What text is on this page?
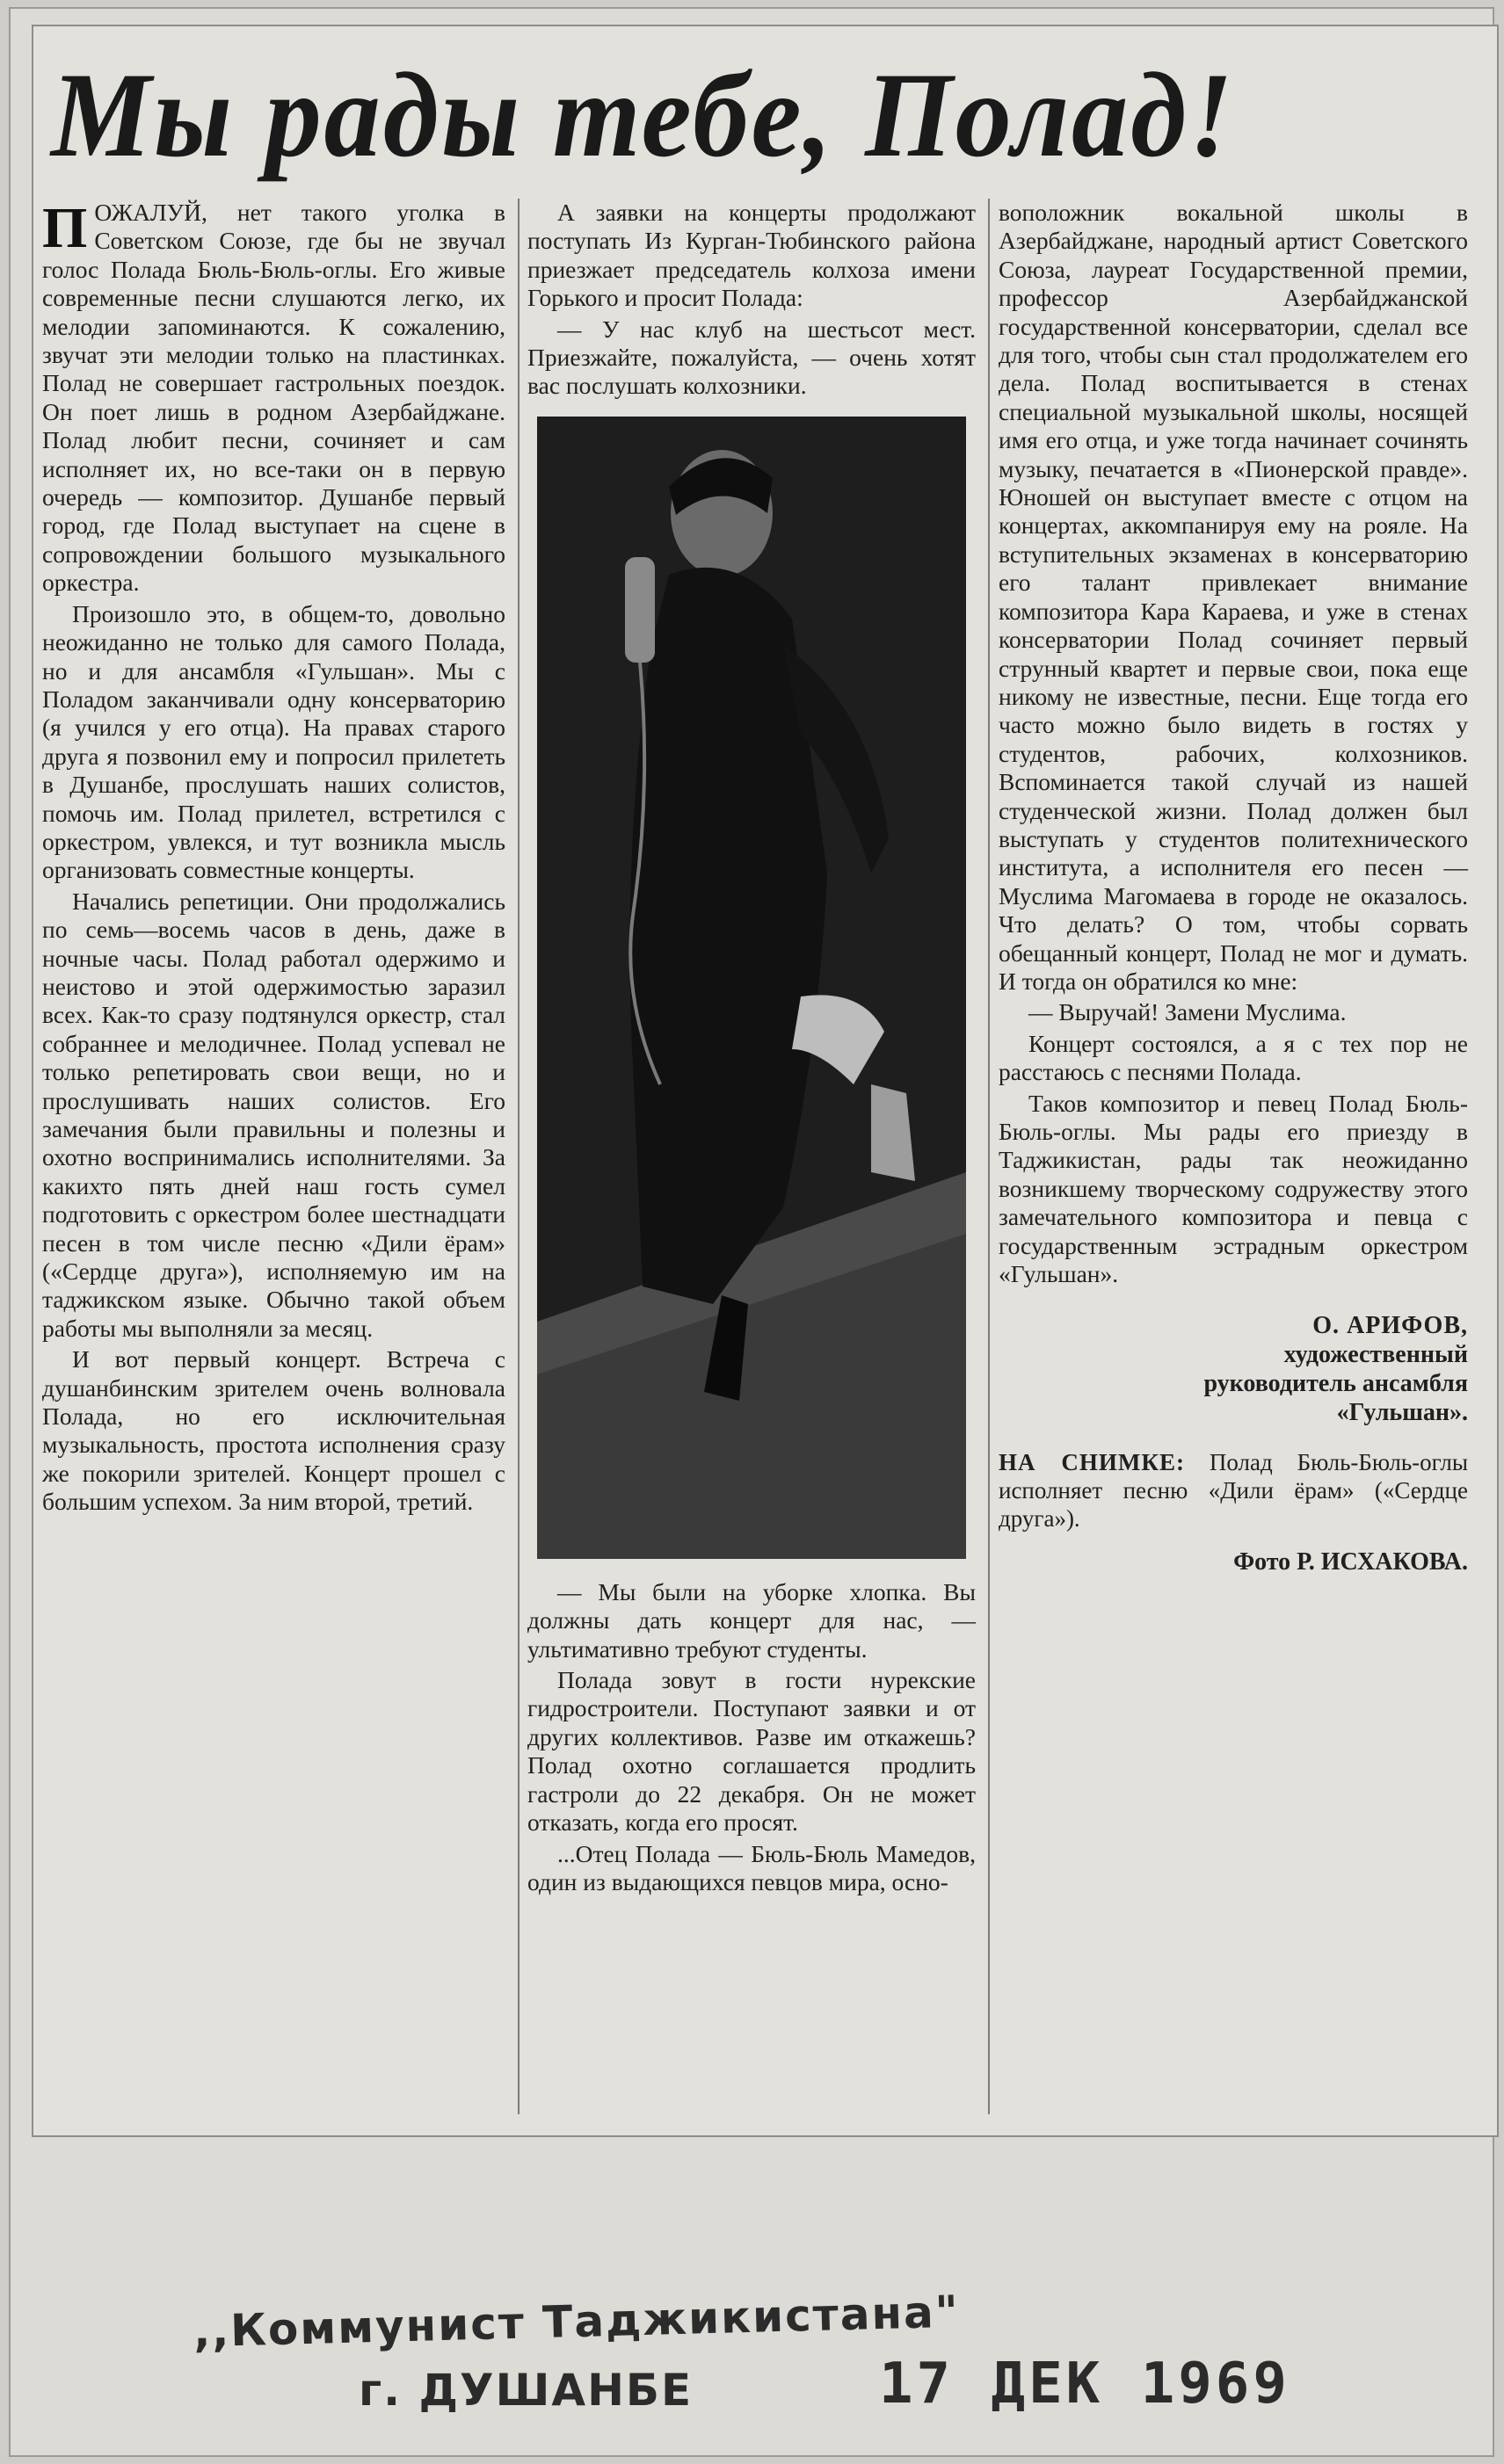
Мы рады тебе, Полад!

ПОЖАЛУЙ, нет такого уголка в Советском Союзе, где бы не звучал голос Полада Бюль-Бюль-оглы. Его живые современные песни слушаются легко, их мелодии запоминаются. К сожалению, звучат эти мелодии только на пластинках. Полад не совершает гастрольных поездок. Он поет лишь в родном Азербайджане. Полад любит песни, сочиняет и сам исполняет их, но все-таки он в первую очередь — композитор. Душанбе первый город, где Полад выступает на сцене в сопровождении большого музыкального оркестра.

Произошло это, в общем-то, довольно неожиданно не только для самого Полада, но и для ансамбля «Гульшан». Мы с Поладом заканчивали одну консерваторию (я учился у его отца). На правах старого друга я позвонил ему и попросил прилететь в Душанбе, прослушать наших солистов, помочь им. Полад прилетел, встретился с оркестром, увлекся, и тут возникла мысль организовать совместные концерты.

Начались репетиции. Они продолжались по семь—восемь часов в день, даже в ночные часы. Полад работал одержимо и неистово и этой одержимостью заразил всех. Как-то сразу подтянулся оркестр, стал собраннее и мелодичнее. Полад успевал не только репетировать свои вещи, но и прослушивать наших солистов. Его замечания были правильны и полезны и охотно воспринимались исполнителями. За какихто пять дней наш гость сумел подготовить с оркестром более шестнадцати песен в том числе песню «Дили ёрам» («Сердце друга»), исполняемую им на таджикском языке. Обычно такой объем работы мы выполняли за месяц.

И вот первый концерт. Встреча с душанбинским зрителем очень волновала Полада, но его исключительная музыкальность, простота исполнения сразу же покорили зрителей. Концерт прошел с большим успехом. За ним второй, третий.

А заявки на концерты продолжают поступать Из Курган-Тюбинского района приезжает председатель колхоза имени Горького и просит Полада:

— У нас клуб на шестьсот мест. Приезжайте, пожалуйста, — очень хотят вас послушать колхозники.

— Мы были на уборке хлопка. Вы должны дать концерт для нас, — ультимативно требуют студенты.

Полада зовут в гости нурекские гидростроители. Поступают заявки и от других коллективов. Разве им откажешь? Полад охотно соглашается продлить гастроли до 22 декабря. Он не может отказать, когда его просят.

...Отец Полада — Бюль-Бюль Мамедов, один из выдающихся певцов мира, осно-

воположник вокальной школы в Азербайджане, народный артист Советского Союза, лауреат Государственной премии, профессор Азербайджанской государственной консерватории, сделал все для того, чтобы сын стал продолжателем его дела. Полад воспитывается в стенах специальной музыкальной школы, носящей имя его отца, и уже тогда начинает сочинять музыку, печатается в «Пионерской правде». Юношей он выступает вместе с отцом на концертах, аккомпанируя ему на рояле. На вступительных экзаменах в консерваторию его талант привлекает внимание композитора Кара Караева, и уже в стенах консерватории Полад сочиняет первый струнный квартет и первые свои, пока еще никому не известные, песни. Еще тогда его часто можно было видеть в гостях у студентов, рабочих, колхозников. Вспоминается такой случай из нашей студенческой жизни. Полад должен был выступать у студентов политехнического института, а исполнителя его песен — Муслима Магомаева в городе не оказалось. Что делать? О том, чтобы сорвать обещанный концерт, Полад не мог и думать. И тогда он обратился ко мне:

— Выручай! Замени Муслима.

Концерт состоялся, а я с тех пор не расстаюсь с песнями Полада.

Таков композитор и певец Полад Бюль-Бюль-оглы. Мы рады его приезду в Таджикистан, рады так неожиданно возникшему творческому содружеству этого замечательного композитора и певца с государственным эстрадным оркестром «Гульшан».

О. АРИФОВ,
художественный
руководитель ансамбля
«Гульшан».
НА СНИМКЕ: Полад Бюль-Бюль-оглы исполняет песню «Дили ёрам» («Сердце друга»).
Фото Р. ИСХАКОВА.
,,Коммунист Таджикистана"
г. ДУШАНБЕ	17 ДЕК 1969
